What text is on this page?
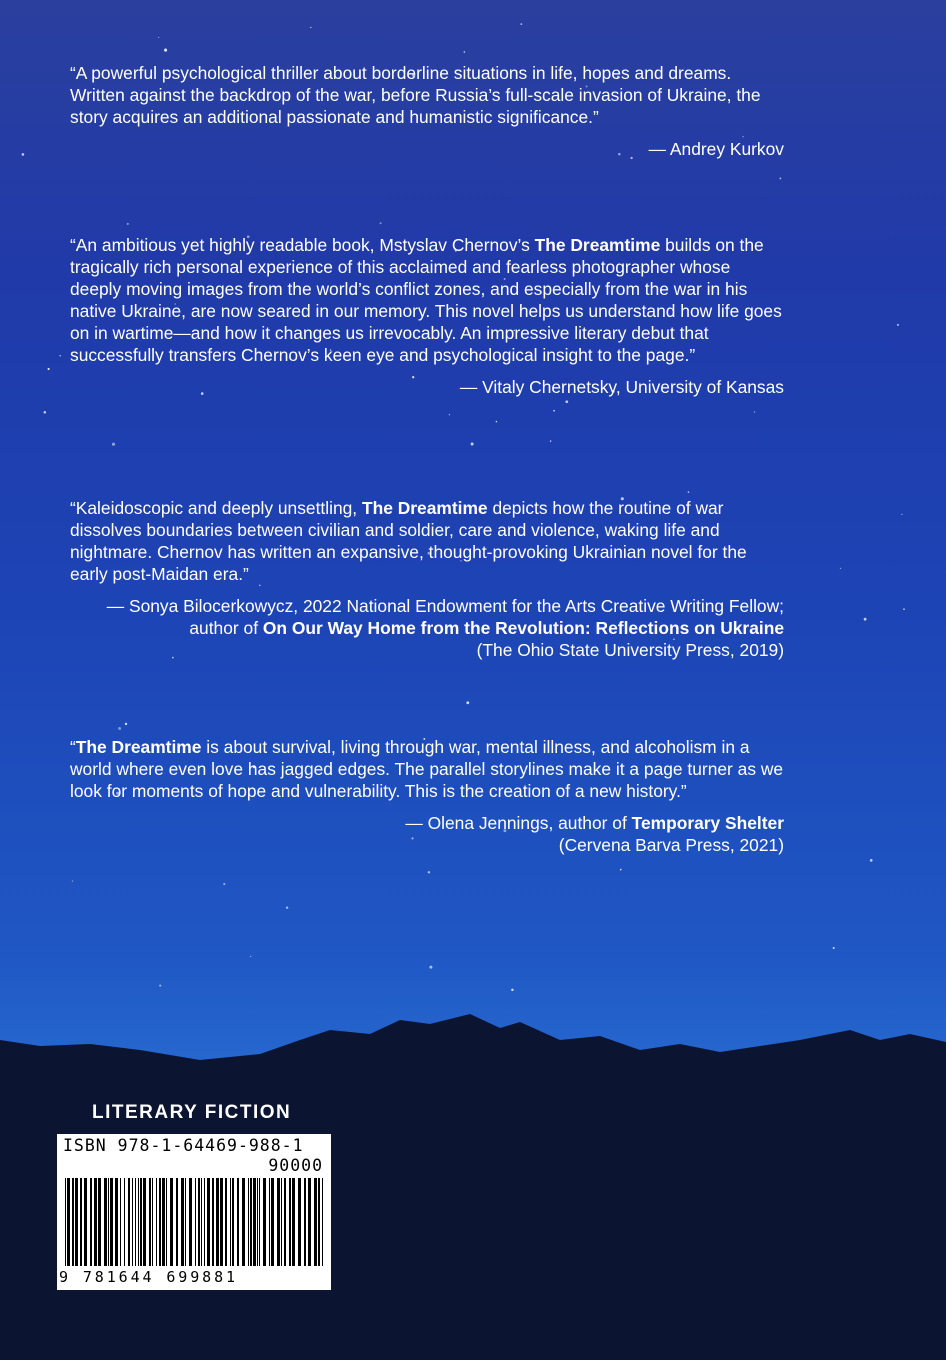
“A powerful psychological thriller about borderline situations in life, hopes and dreams. Written against the backdrop of the war, before Russia’s full-scale invasion of Ukraine, the story acquires an additional passionate and humanistic significance.”

— Andrey Kurkov

“An ambitious yet highly readable book, Mstyslav Chernov’s The Dreamtime builds on the tragically rich personal experience of this acclaimed and fearless photographer whose deeply moving images from the world’s conflict zones, and especially from the war in his native Ukraine, are now seared in our memory. This novel helps us understand how life goes on in wartime—and how it changes us irrevocably. An impressive literary debut that successfully transfers Chernov’s keen eye and psychological insight to the page.”

— Vitaly Chernetsky, University of Kansas

“Kaleidoscopic and deeply unsettling, The Dreamtime depicts how the routine of war dissolves boundaries between civilian and soldier, care and violence, waking life and nightmare. Chernov has written an expansive, thought-provoking Ukrainian novel for the early post-Maidan era.”

— Sonya Bilocerkowycz, 2022 National Endowment for the Arts Creative Writing Fellow;
author of On Our Way Home from the Revolution: Reflections on Ukraine
(The Ohio State University Press, 2019)

“The Dreamtime is about survival, living through war, mental illness, and alcoholism in a world where even love has jagged edges. The parallel storylines make it a page turner as we look for moments of hope and vulnerability. This is the creation of a new history.”

— Olena Jennings, author of Temporary Shelter
(Cervena Barva Press, 2021)

LITERARY FICTION
ISBN 978-1-64469-988-1
90000
9 781644 699881
